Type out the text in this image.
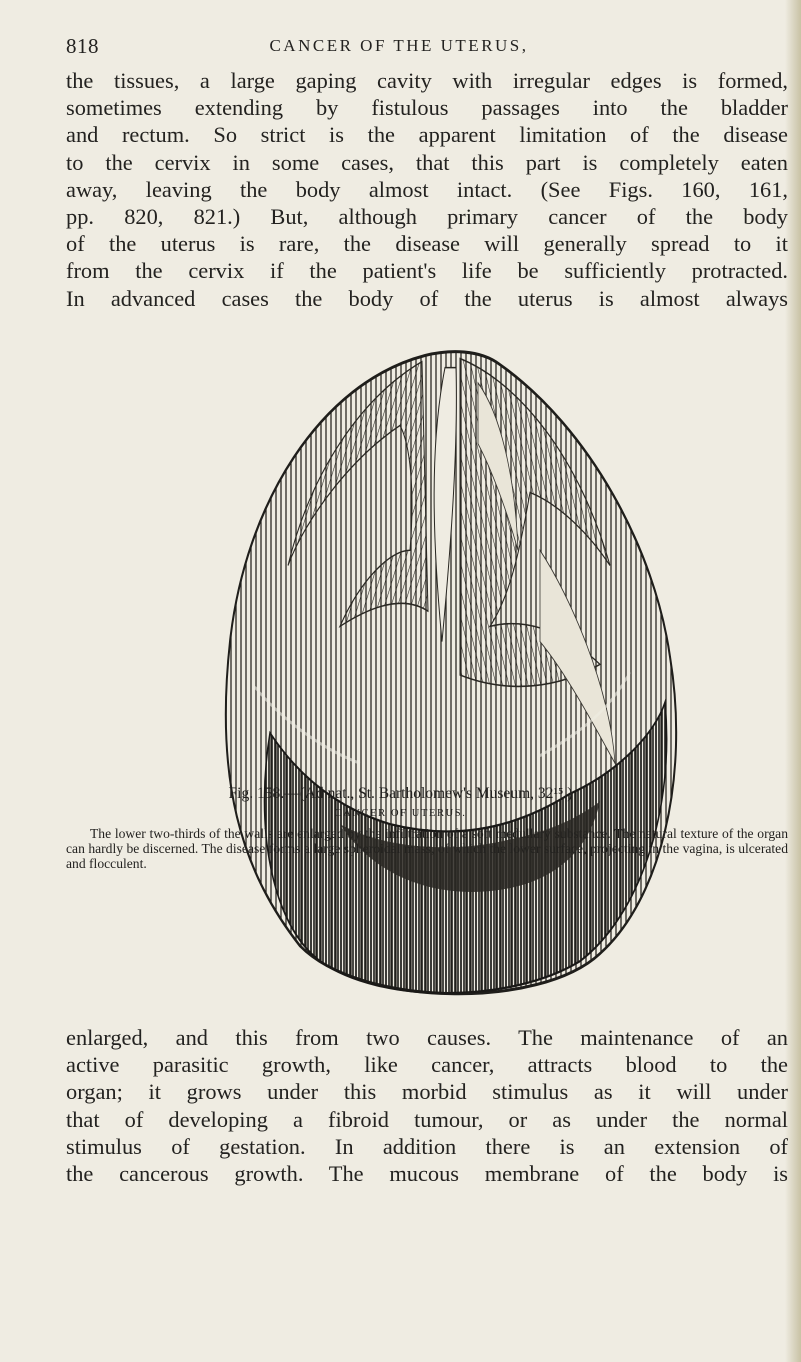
818	CANCER OF THE UTERUS,

the tissues, a large gaping cavity with irregular edges is formed,
sometimes extending by fistulous passages into the bladder
and rectum. So strict is the apparent limitation of the disease
to the cervix in some cases, that this part is completely eaten
away, leaving the body almost intact. (See Figs. 160, 161,
pp. 820, 821.) But, although primary cancer of the body
of the uterus is rare, the disease will generally spread to it
from the cervix if the patient's life be sufficiently protracted.
In advanced cases the body of the uterus is almost always

Fig. 158.—(Ad nat., St. Bartholomew's Museum, 32¹⁵.)
CANCER OF UTERUS.

The lower two-thirds of the walls are enlarged by the infiltration of a soft medullary substance. The natural texture of the organ can hardly be discerned. The disease forms a large spheroidal mass, of which the lower surface, projecting in the vagina, is ulcerated and flocculent.

enlarged, and this from two causes. The maintenance of an
active parasitic growth, like cancer, attracts blood to the
organ; it grows under this morbid stimulus as it will under
that of developing a fibroid tumour, or as under the normal
stimulus of gestation. In addition there is an extension of
the cancerous growth. The mucous membrane of the body is
